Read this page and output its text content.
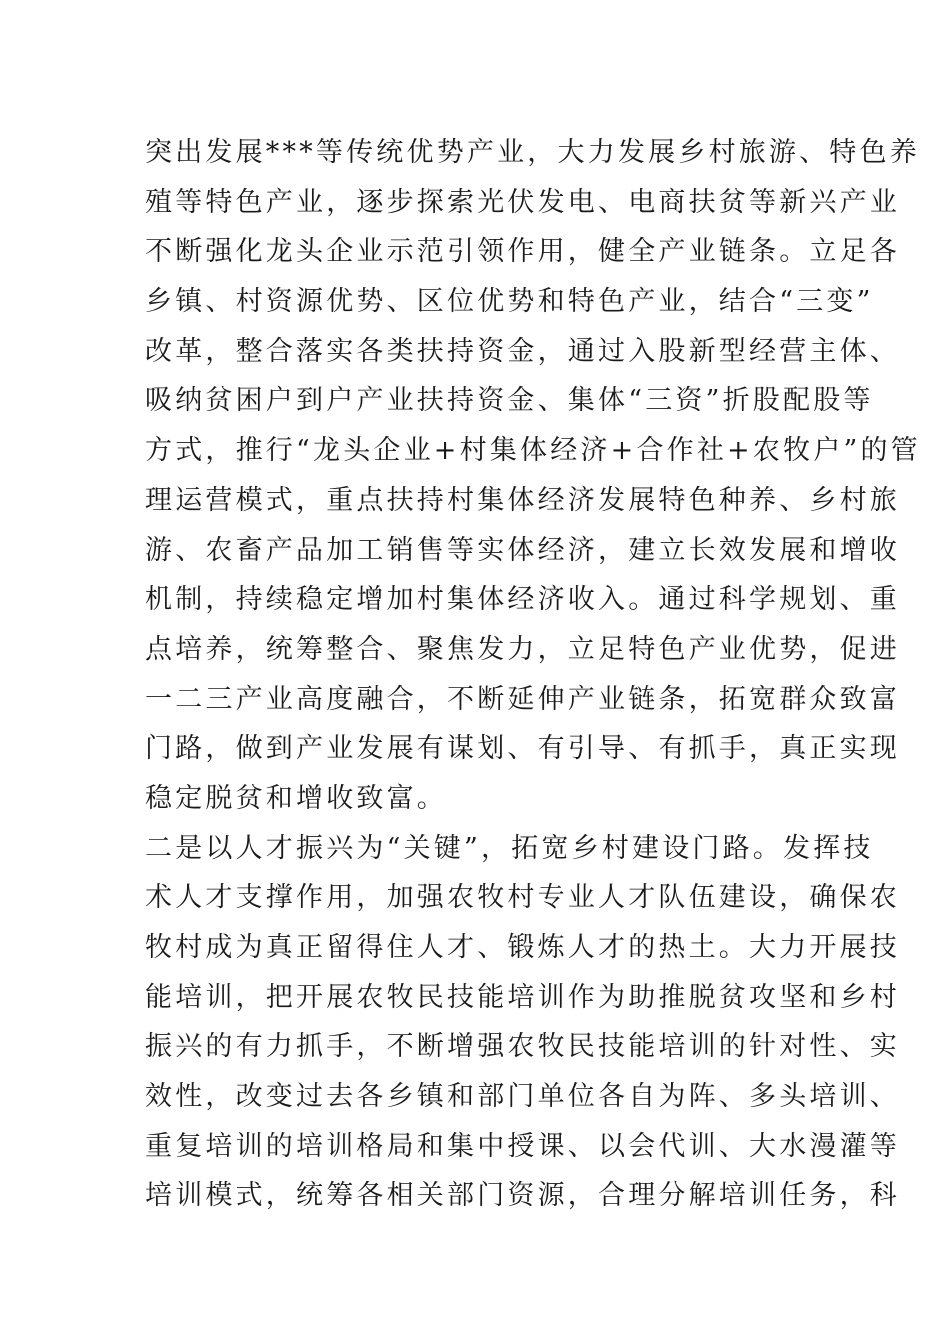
突出发展***等传统优势产业，大力发展乡村旅游、特色养
殖等特色产业，逐步探索光伏发电、电商扶贫等新兴产业
不断强化龙头企业示范引领作用，健全产业链条。立足各
乡镇、村资源优势、区位优势和特色产业，结合“三变”
改革，整合落实各类扶持资金，通过入股新型经营主体、
吸纳贫困户到户产业扶持资金、集体“三资”折股配股等
方式，推行“龙头企业+村集体经济+合作社+农牧户”的管
理运营模式，重点扶持村集体经济发展特色种养、乡村旅
游、农畜产品加工销售等实体经济，建立长效发展和增收
机制，持续稳定增加村集体经济收入。通过科学规划、重
点培养，统筹整合、聚焦发力，立足特色产业优势，促进
一二三产业高度融合，不断延伸产业链条，拓宽群众致富
门路，做到产业发展有谋划、有引导、有抓手，真正实现
稳定脱贫和增收致富。
二是以人才振兴为“关键”，拓宽乡村建设门路。发挥技
术人才支撑作用，加强农牧村专业人才队伍建设，确保农
牧村成为真正留得住人才、锻炼人才的热土。大力开展技
能培训，把开展农牧民技能培训作为助推脱贫攻坚和乡村
振兴的有力抓手，不断增强农牧民技能培训的针对性、实
效性，改变过去各乡镇和部门单位各自为阵、多头培训、
重复培训的培训格局和集中授课、以会代训、大水漫灌等
培训模式，统筹各相关部门资源，合理分解培训任务，科
